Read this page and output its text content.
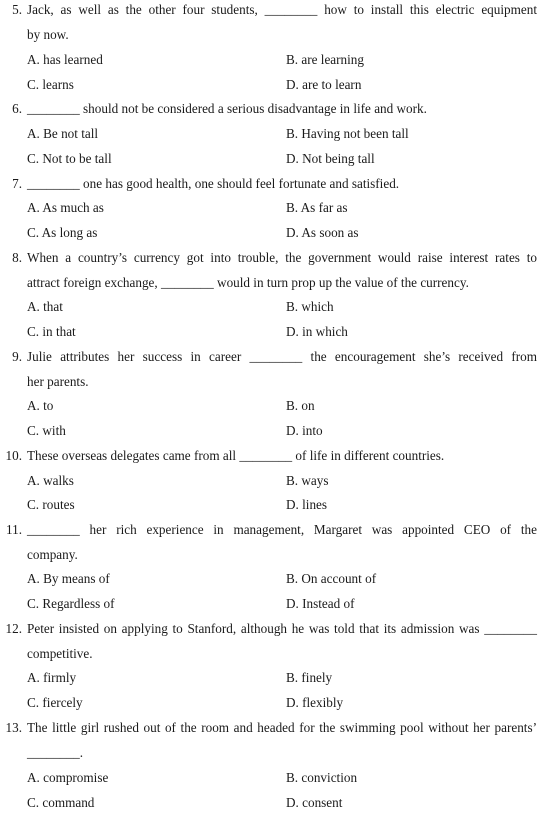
5. Jack, as well as the other four students, ________ how to install this electric equipment
by now.
A. has learned	B. are learning
C. learns	D. are to learn
6. ________ should not be considered a serious disadvantage in life and work.
A. Be not tall	B. Having not been tall
C. Not to be tall	D. Not being tall
7. ________ one has good health, one should feel fortunate and satisfied.
A. As much as	B. As far as
C. As long as	D. As soon as
8. When a country’s currency got into trouble, the government would raise interest rates to
attract foreign exchange, ________ would in turn prop up the value of the currency.
A. that	B. which
C. in that	D. in which
9. Julie attributes her success in career ________ the encouragement she’s received from
her parents.
A. to	B. on
C. with	D. into
10. These overseas delegates came from all ________ of life in different countries.
A. walks	B. ways
C. routes	D. lines
11. ________ her rich experience in management, Margaret was appointed CEO of the
company.
A. By means of	B. On account of
C. Regardless of	D. Instead of
12. Peter insisted on applying to Stanford, although he was told that its admission was ________
competitive.
A. firmly	B. finely
C. fiercely	D. flexibly
13. The little girl rushed out of the room and headed for the swimming pool without her parents’
________.
A. compromise	B. conviction
C. command	D. consent
